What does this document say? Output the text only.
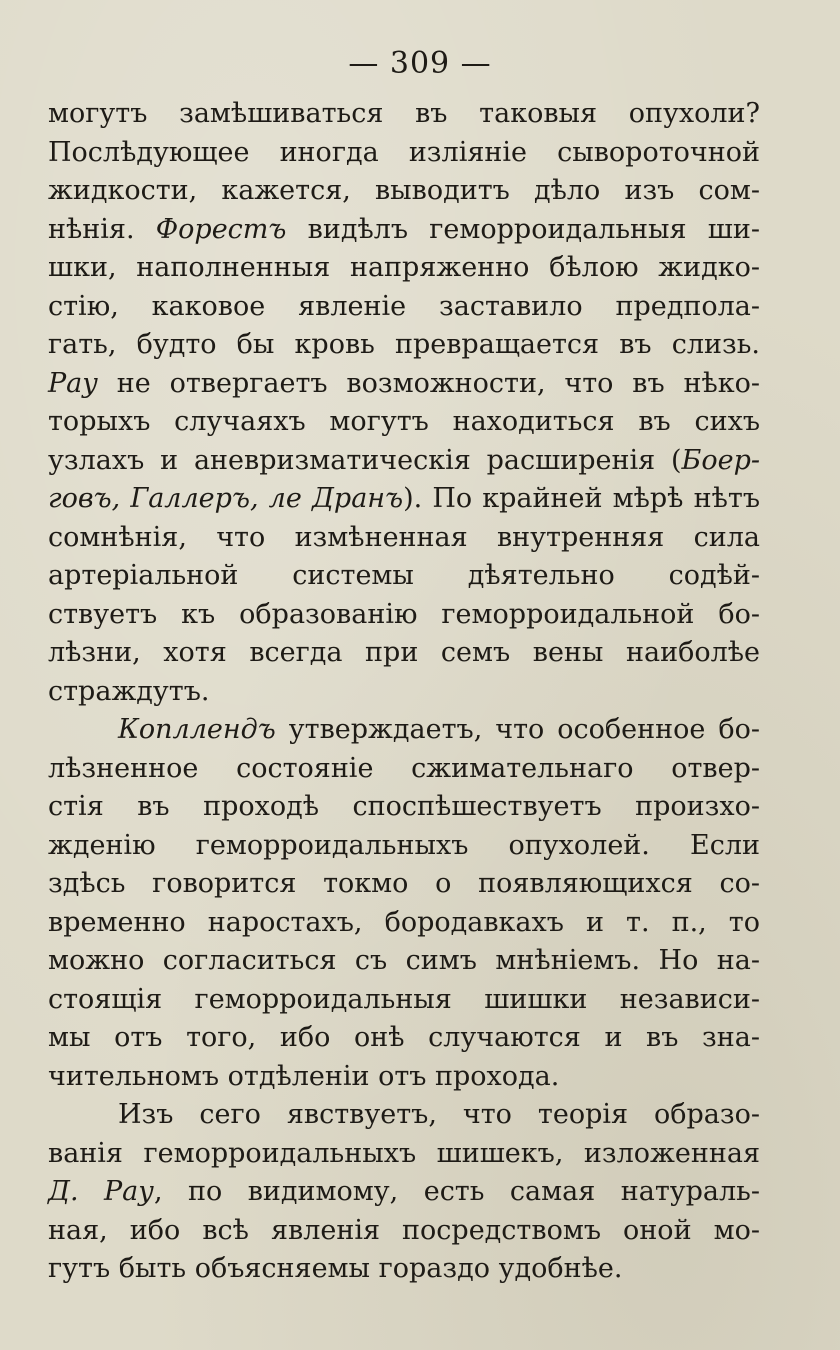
— 309 —
могутъ замѣшиваться въ таковыя опухоли?
Послѣдующее иногда изліяніе сывороточной
жидкости, кажется, выводитъ дѣло изъ сом-
нѣнія. Форестъ видѣлъ геморроидальныя ши-
шки, наполненныя напряженно бѣлою жидко-
стію, каковое явленіе заставило предпола-
гать, будто бы кровь превращается въ слизь.
Рау не отвергаетъ возможности, что въ нѣко-
торыхъ случаяхъ могутъ находиться въ сихъ
узлахъ и аневризматическія расширенія (Боер-
говъ, Галлеръ, ле Дранъ). По крайней мѣрѣ нѣтъ
сомнѣнія, что измѣненная внутренняя сила
артеріальной системы дѣятельно содѣй-
ствуетъ къ образованію геморроидальной бо-
лѣзни, хотя всегда при семъ вены наиболѣе
страждутъ.
Копллендъ утверждаетъ, что особенное бо-
лѣзненное состояніе сжимательнаго отвер-
стія въ проходѣ споспѣшествуетъ произхо-
жденію геморроидальныхъ опухолей. Если
здѣсь говорится токмо о появляющихся со-
временно наростахъ, бородавкахъ и т. п., то
можно согласиться съ симъ мнѣніемъ. Но на-
стоящія геморроидальныя шишки независи-
мы отъ того, ибо онѣ случаются и въ зна-
чительномъ отдѣленіи отъ прохода.
Изъ сего явствуетъ, что теорія образо-
ванія геморроидальныхъ шишекъ, изложенная
Д. Рау, по видимому, есть самая натураль-
ная, ибо всѣ явленія посредствомъ оной мо-
гутъ быть объясняемы гораздо удобнѣе.
